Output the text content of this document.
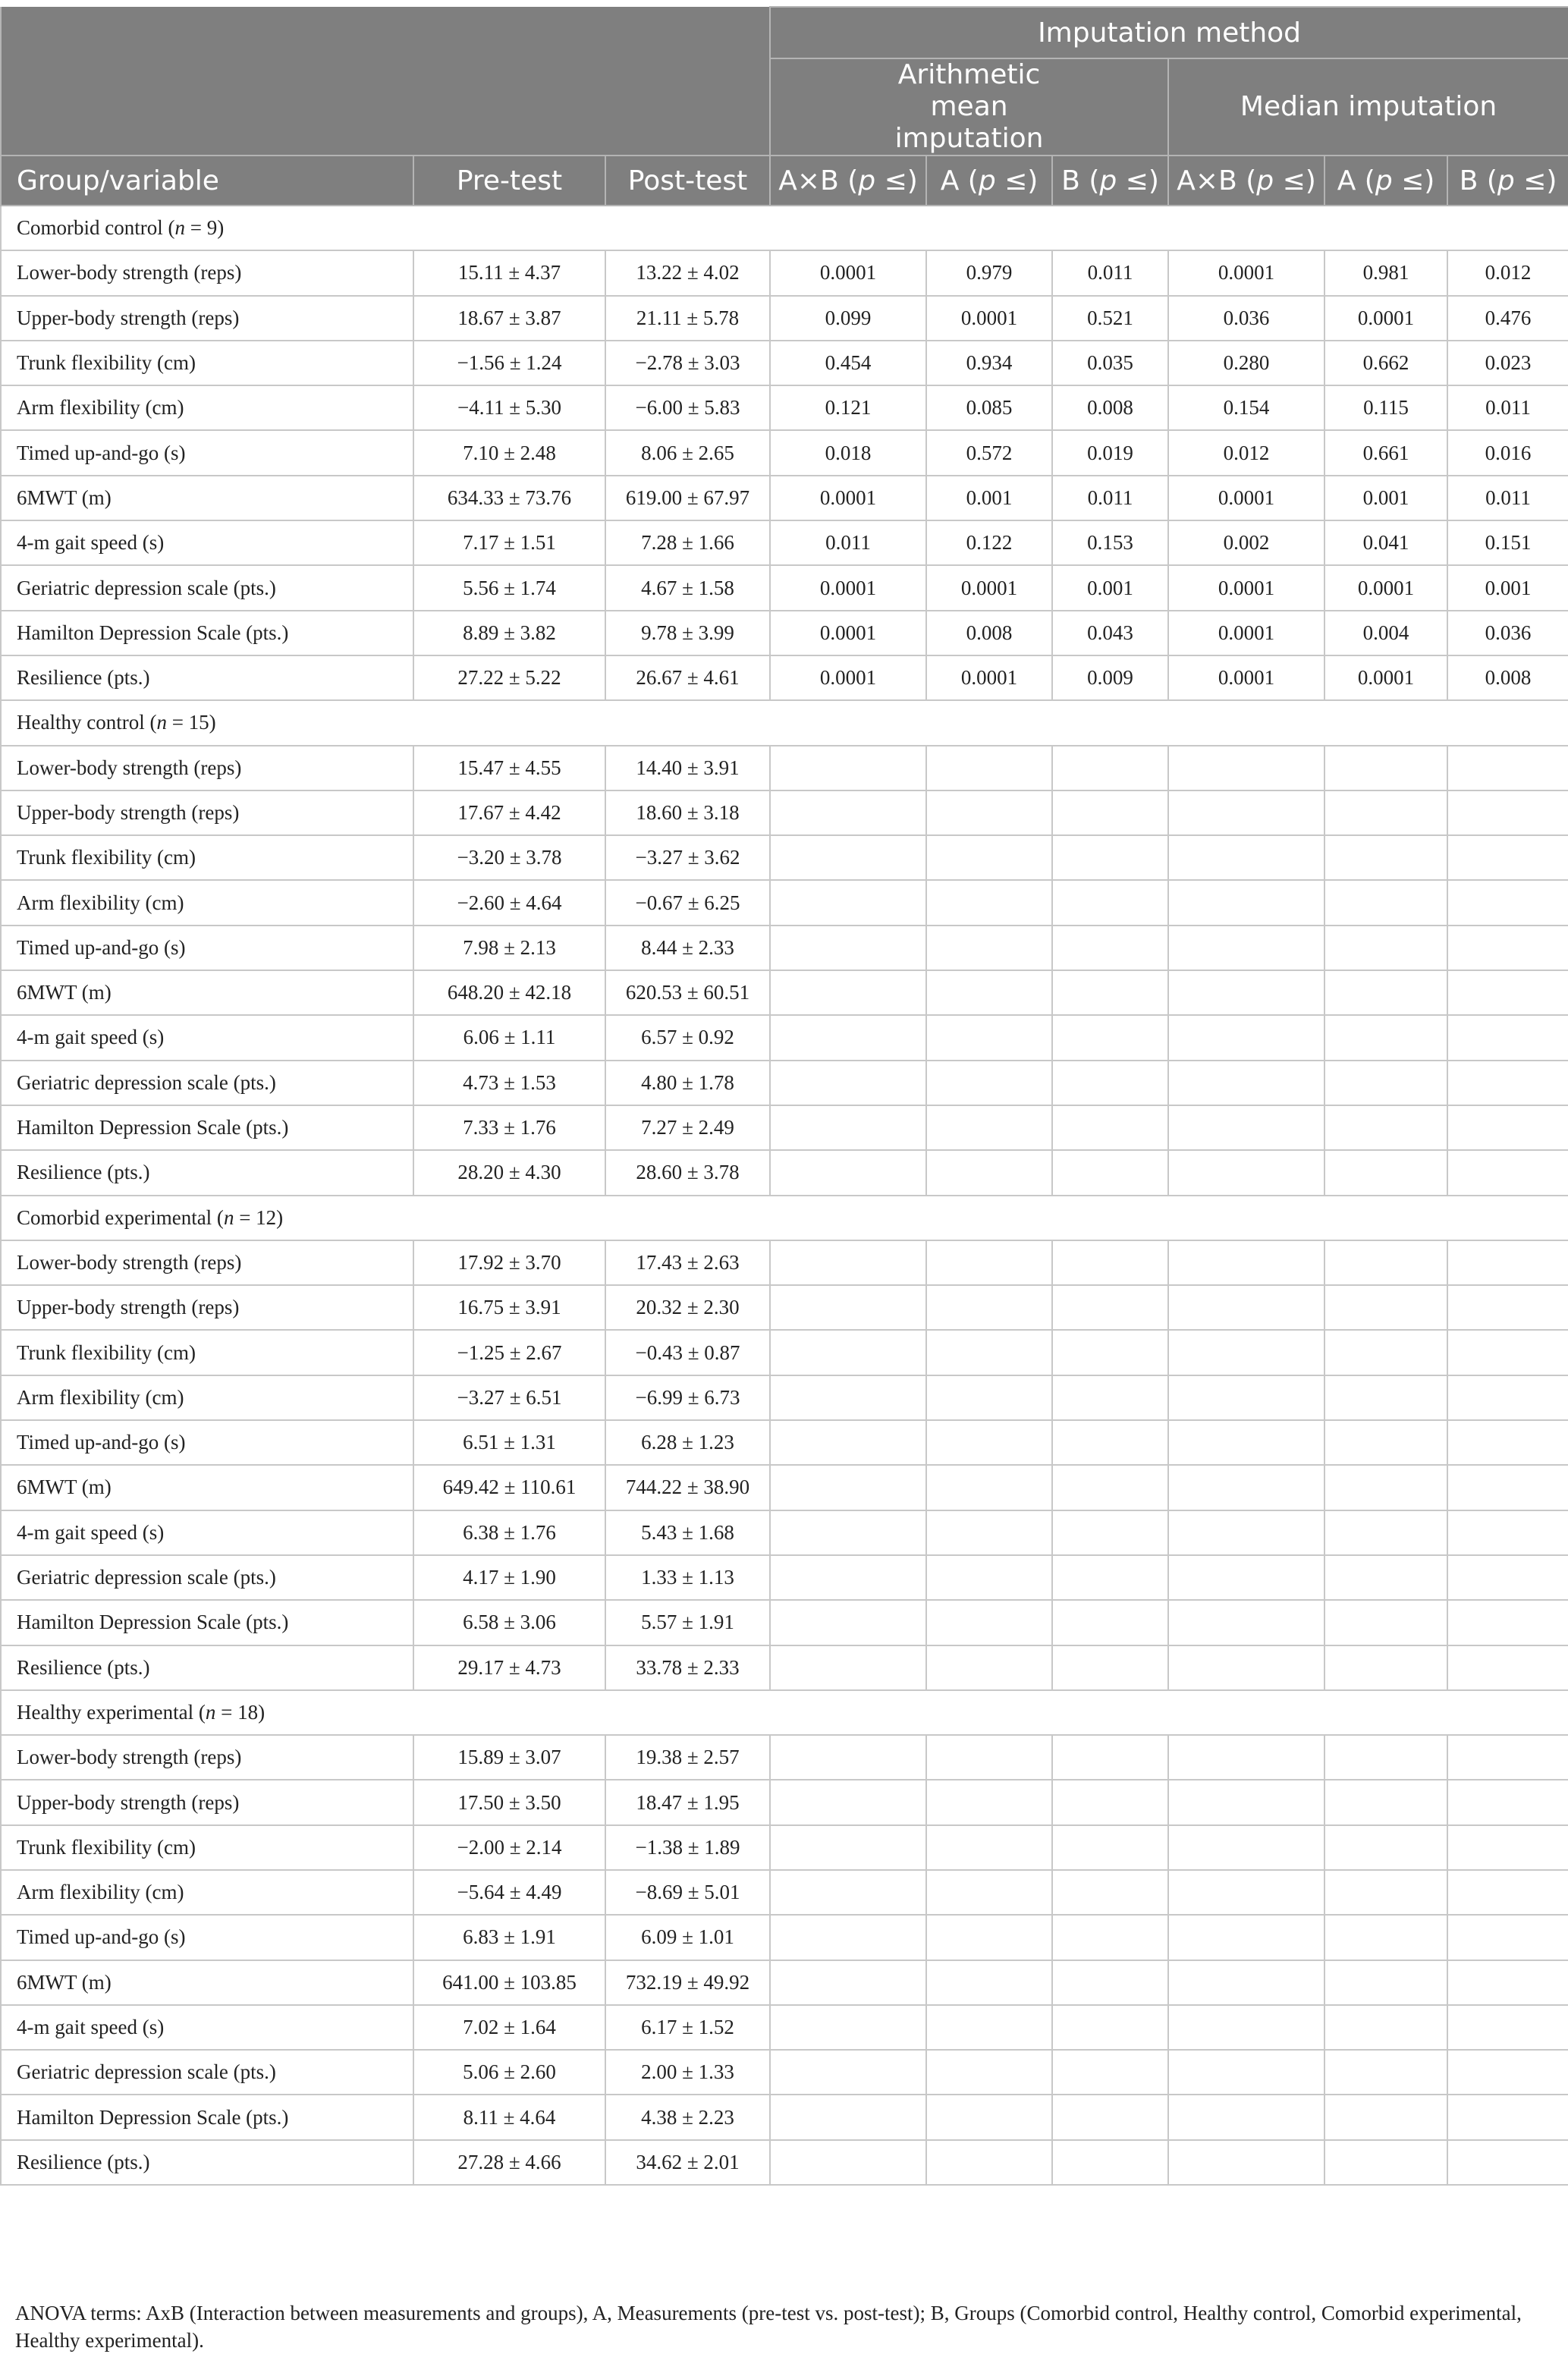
			Imputation method					

			Arithmetic mean imputation			Median imputation		
Group/variable	Pre-test	Post-test	A×B (p ≤)	A (p ≤)	B (p ≤)	A×B (p ≤)	A (p ≤)	B (p ≤)
Comorbid control (n = 9)								
Lower-body strength (reps)	15.11 ± 4.37	13.22 ± 4.02	0.0001	0.979	0.011	0.0001	0.981	0.012
Upper-body strength (reps)	18.67 ± 3.87	21.11 ± 5.78	0.099	0.0001	0.521	0.036	0.0001	0.476
Trunk flexibility (cm)	−1.56 ± 1.24	−2.78 ± 3.03	0.454	0.934	0.035	0.280	0.662	0.023
Arm flexibility (cm)	−4.11 ± 5.30	−6.00 ± 5.83	0.121	0.085	0.008	0.154	0.115	0.011
Timed up-and-go (s)	7.10 ± 2.48	8.06 ± 2.65	0.018	0.572	0.019	0.012	0.661	0.016
6MWT (m)	634.33 ± 73.76	619.00 ± 67.97	0.0001	0.001	0.011	0.0001	0.001	0.011
4-m gait speed (s)	7.17 ± 1.51	7.28 ± 1.66	0.011	0.122	0.153	0.002	0.041	0.151
Geriatric depression scale (pts.)	5.56 ± 1.74	4.67 ± 1.58	0.0001	0.0001	0.001	0.0001	0.0001	0.001
Hamilton Depression Scale (pts.)	8.89 ± 3.82	9.78 ± 3.99	0.0001	0.008	0.043	0.0001	0.004	0.036
Resilience (pts.)	27.22 ± 5.22	26.67 ± 4.61	0.0001	0.0001	0.009	0.0001	0.0001	0.008
Healthy control (n = 15)								
Lower-body strength (reps)	15.47 ± 4.55	14.40 ± 3.91						
Upper-body strength (reps)	17.67 ± 4.42	18.60 ± 3.18						
Trunk flexibility (cm)	−3.20 ± 3.78	−3.27 ± 3.62						
Arm flexibility (cm)	−2.60 ± 4.64	−0.67 ± 6.25						
Timed up-and-go (s)	7.98 ± 2.13	8.44 ± 2.33						
6MWT (m)	648.20 ± 42.18	620.53 ± 60.51						
4-m gait speed (s)	6.06 ± 1.11	6.57 ± 0.92						
Geriatric depression scale (pts.)	4.73 ± 1.53	4.80 ± 1.78						
Hamilton Depression Scale (pts.)	7.33 ± 1.76	7.27 ± 2.49						
Resilience (pts.)	28.20 ± 4.30	28.60 ± 3.78						
Comorbid experimental (n = 12)								
Lower-body strength (reps)	17.92 ± 3.70	17.43 ± 2.63						
Upper-body strength (reps)	16.75 ± 3.91	20.32 ± 2.30						
Trunk flexibility (cm)	−1.25 ± 2.67	−0.43 ± 0.87						
Arm flexibility (cm)	−3.27 ± 6.51	−6.99 ± 6.73						
Timed up-and-go (s)	6.51 ± 1.31	6.28 ± 1.23						
6MWT (m)	649.42 ± 110.61	744.22 ± 38.90						
4-m gait speed (s)	6.38 ± 1.76	5.43 ± 1.68						
Geriatric depression scale (pts.)	4.17 ± 1.90	1.33 ± 1.13						
Hamilton Depression Scale (pts.)	6.58 ± 3.06	5.57 ± 1.91						
Resilience (pts.)	29.17 ± 4.73	33.78 ± 2.33						
Healthy experimental (n = 18)								
Lower-body strength (reps)	15.89 ± 3.07	19.38 ± 2.57						
Upper-body strength (reps)	17.50 ± 3.50	18.47 ± 1.95						
Trunk flexibility (cm)	−2.00 ± 2.14	−1.38 ± 1.89						
Arm flexibility (cm)	−5.64 ± 4.49	−8.69 ± 5.01						
Timed up-and-go (s)	6.83 ± 1.91	6.09 ± 1.01						
6MWT (m)	641.00 ± 103.85	732.19 ± 49.92						
4-m gait speed (s)	7.02 ± 1.64	6.17 ± 1.52						
Geriatric depression scale (pts.)	5.06 ± 2.60	2.00 ± 1.33						
Hamilton Depression Scale (pts.)	8.11 ± 4.64	4.38 ± 2.23						
Resilience (pts.)	27.28 ± 4.66	34.62 ± 2.01						
ANOVA terms: AxB (Interaction between measurements and groups), A, Measurements (pre-test vs. post-test); B, Groups (Comorbid control, Healthy control, Comorbid experimental, Healthy experimental).
